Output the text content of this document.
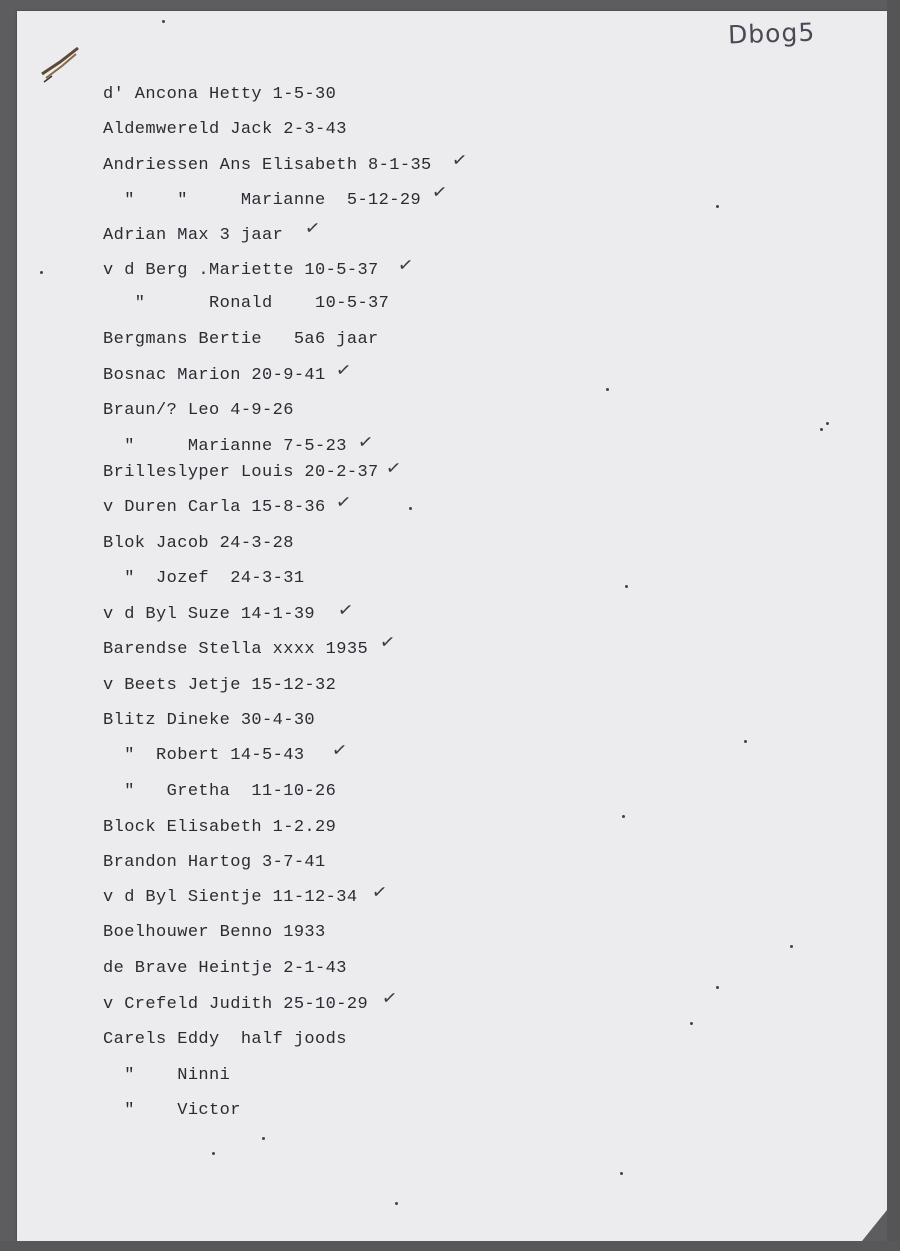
Dbog5
d' Ancona Hetty 1-5-30
Aldemwereld Jack 2-3-43
Andriessen Ans Elisabeth 8-1-35 ✓
"    "     Marianne  5-12-29 ✓
Adrian Max 3 jaar ✓
v d Berg .Mariette 10-5-37 ✓
"      Ronald    10-5-37
Bergmans Bertie   5a6 jaar
Bosnac Marion 20-9-41 ✓
Braun/? Leo 4-9-26
"     Marianne 7-5-23 ✓
Brilleslyper Louis 20-2-37 ✓
v Duren Carla 15-8-36 ✓
Blok Jacob 24-3-28
"  Jozef  24-3-31
v d Byl Suze 14-1-39 ✓
Barendse Stella xxxx 1935 ✓
v Beets Jetje 15-12-32
Blitz Dineke 30-4-30
"  Robert 14-5-43 ✓
"   Gretha  11-10-26
Block Elisabeth 1-2.29
Brandon Hartog 3-7-41
v d Byl Sientje 11-12-34 ✓
Boelhouwer Benno 1933
de Brave Heintje 2-1-43
v Crefeld Judith 25-10-29 ✓
Carels Eddy  half joods
"    Ninni
"    Victor
